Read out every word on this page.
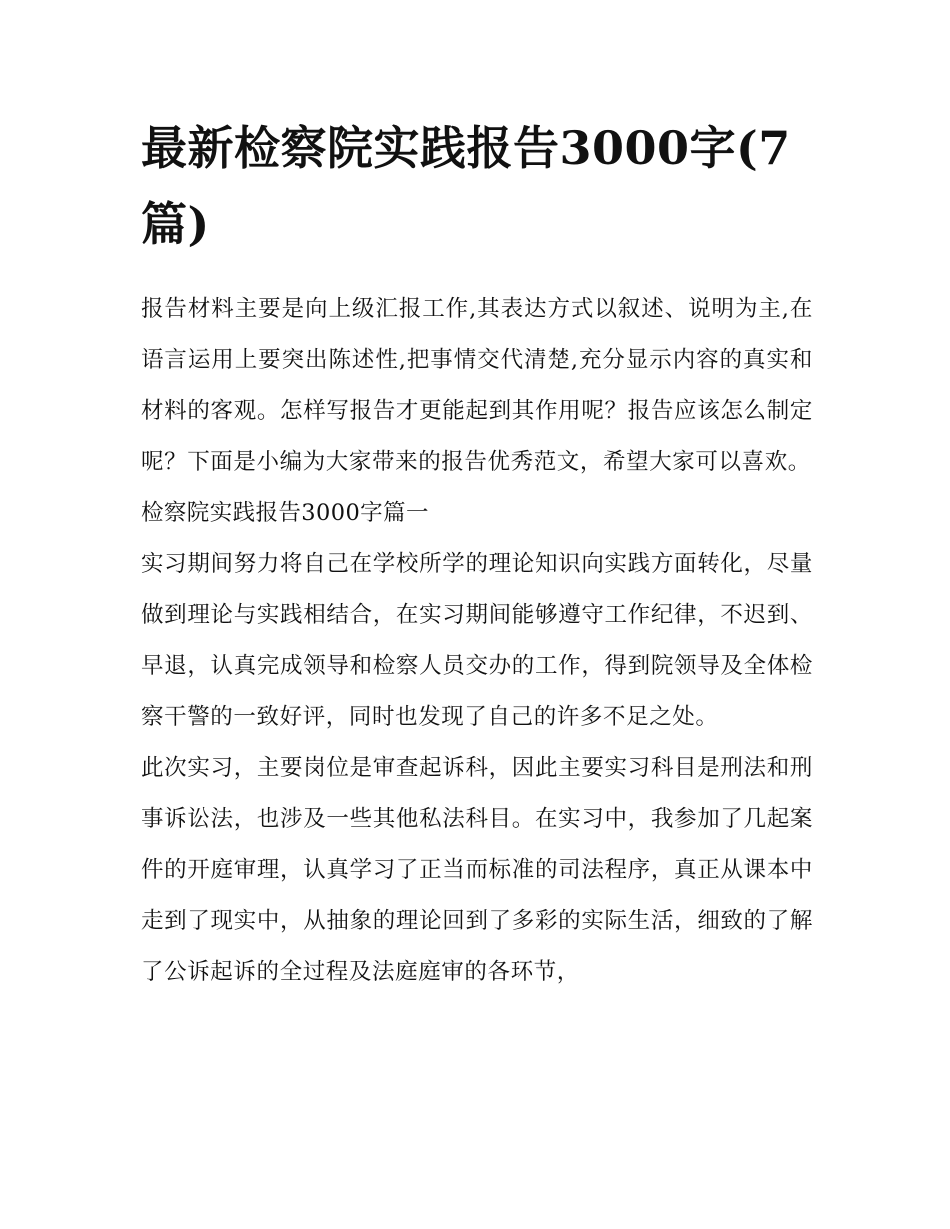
最新检察院实践报告3000字(7篇)

报告材料主要是向上级汇报工作,其表达方式以叙述、说明为主,在语言运用上要突出陈述性,把事情交代清楚,充分显示内容的真实和材料的客观。怎样写报告才更能起到其作用呢？报告应该怎么制定呢？下面是小编为大家带来的报告优秀范文，希望大家可以喜欢。

检察院实践报告3000字篇一

实习期间努力将自己在学校所学的理论知识向实践方面转化，尽量做到理论与实践相结合，在实习期间能够遵守工作纪律，不迟到、早退，认真完成领导和检察人员交办的工作，得到院领导及全体检察干警的一致好评，同时也发现了自己的许多不足之处。

此次实习，主要岗位是审查起诉科，因此主要实习科目是刑法和刑事诉讼法，也涉及一些其他私法科目。在实习中，我参加了几起案件的开庭审理，认真学习了正当而标准的司法程序，真正从课本中走到了现实中，从抽象的理论回到了多彩的实际生活，细致的了解了公诉起诉的全过程及法庭庭审的各环节，
